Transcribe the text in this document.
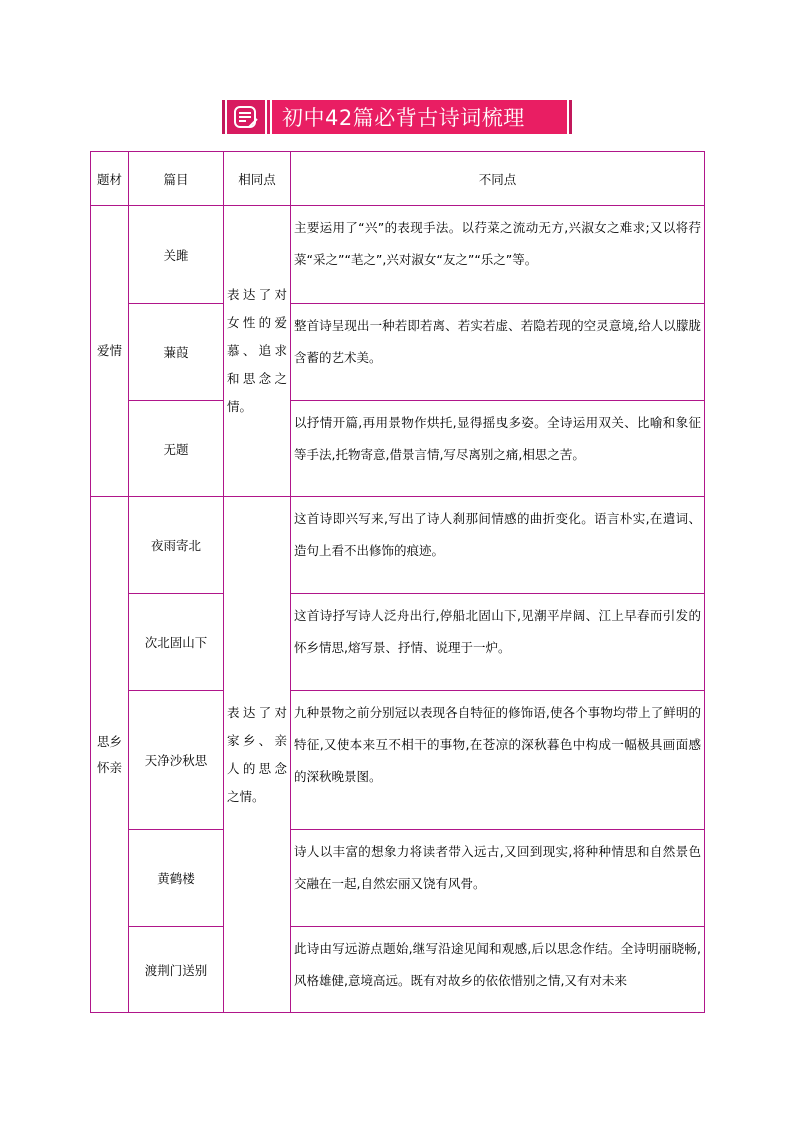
初中42篇必背古诗词梳理
题材	篇目	相同点	不同点
爱情	关雎	表达了对女性的爱慕、追求和思念之情。	主要运用了“兴”的表现手法。以荇菜之流动无方,兴淑女之难求;又以将荇菜“采之”“芼之”,兴对淑女“友之”“乐之”等。
	蒹葭		整首诗呈现出一种若即若离、若实若虚、若隐若现的空灵意境,给人以朦胧含蓄的艺术美。
	无题		以抒情开篇,再用景物作烘托,显得摇曳多姿。全诗运用双关、比喻和象征等手法,托物寄意,借景言情,写尽离别之痛,相思之苦。
思乡
怀亲	夜雨寄北	表达了对家乡、亲人的思念之情。	这首诗即兴写来,写出了诗人刹那间情感的曲折变化。语言朴实,在遣词、造句上看不出修饰的痕迹。
	次北固山下		这首诗抒写诗人泛舟出行,停船北固山下,见潮平岸阔、江上早春而引发的怀乡情思,熔写景、抒情、说理于一炉。
	天净沙秋思		九种景物之前分别冠以表现各自特征的修饰语,使各个事物均带上了鲜明的特征,又使本来互不相干的事物,在苍凉的深秋暮色中构成一幅极具画面感的深秋晚景图。
	黄鹤楼		诗人以丰富的想象力将读者带入远古,又回到现实,将种种情思和自然景色交融在一起,自然宏丽又饶有风骨。
	渡荆门送别		此诗由写远游点题始,继写沿途见闻和观感,后以思念作结。全诗明丽晓畅,风格雄健,意境高远。既有对故乡的依依惜别之情,又有对未来
